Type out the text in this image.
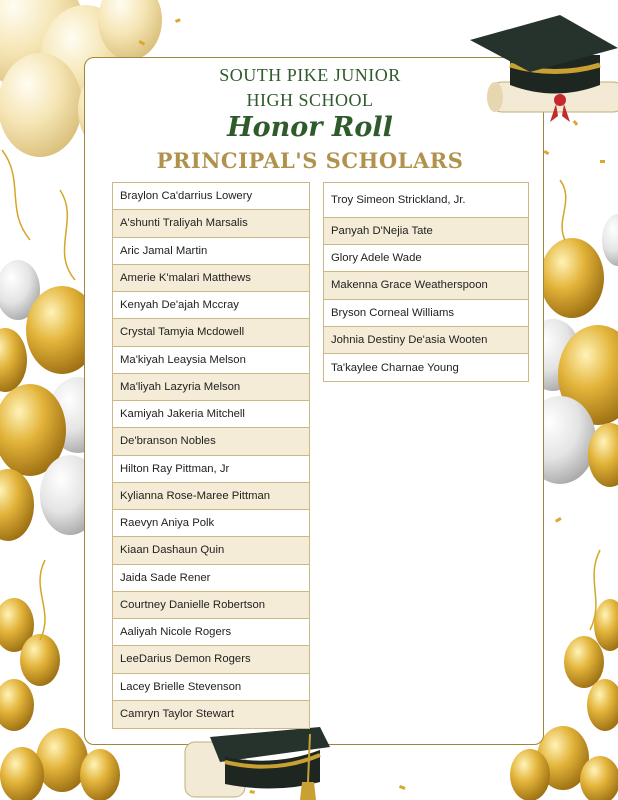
SOUTH PIKE JUNIOR

HIGH SCHOOL

Honor Roll

PRINCIPAL'S SCHOLARS

Braylon Ca'darrius Lowery
A'shunti Traliyah Marsalis
Aric Jamal Martin
Amerie K'malari Matthews
Kenyah De'ajah Mccray
Crystal Tamyia Mcdowell
Ma'kiyah Leaysia Melson
Ma'liyah Lazyria Melson
Kamiyah Jakeria Mitchell
De'branson Nobles
Hilton Ray Pittman, Jr
Kylianna Rose-Maree Pittman
Raevyn Aniya Polk
Kiaan Dashaun Quin
Jaida Sade Rener
Courtney Danielle Robertson
Aaliyah Nicole Rogers
LeeDarius Demon Rogers
Lacey Brielle Stevenson
Camryn Taylor Stewart
Troy Simeon Strickland, Jr.
Panyah D'Nejia Tate
Glory Adele Wade
Makenna Grace Weatherspoon
Bryson Corneal Williams
Johnia Destiny De'asia Wooten
Ta'kaylee Charnae Young
